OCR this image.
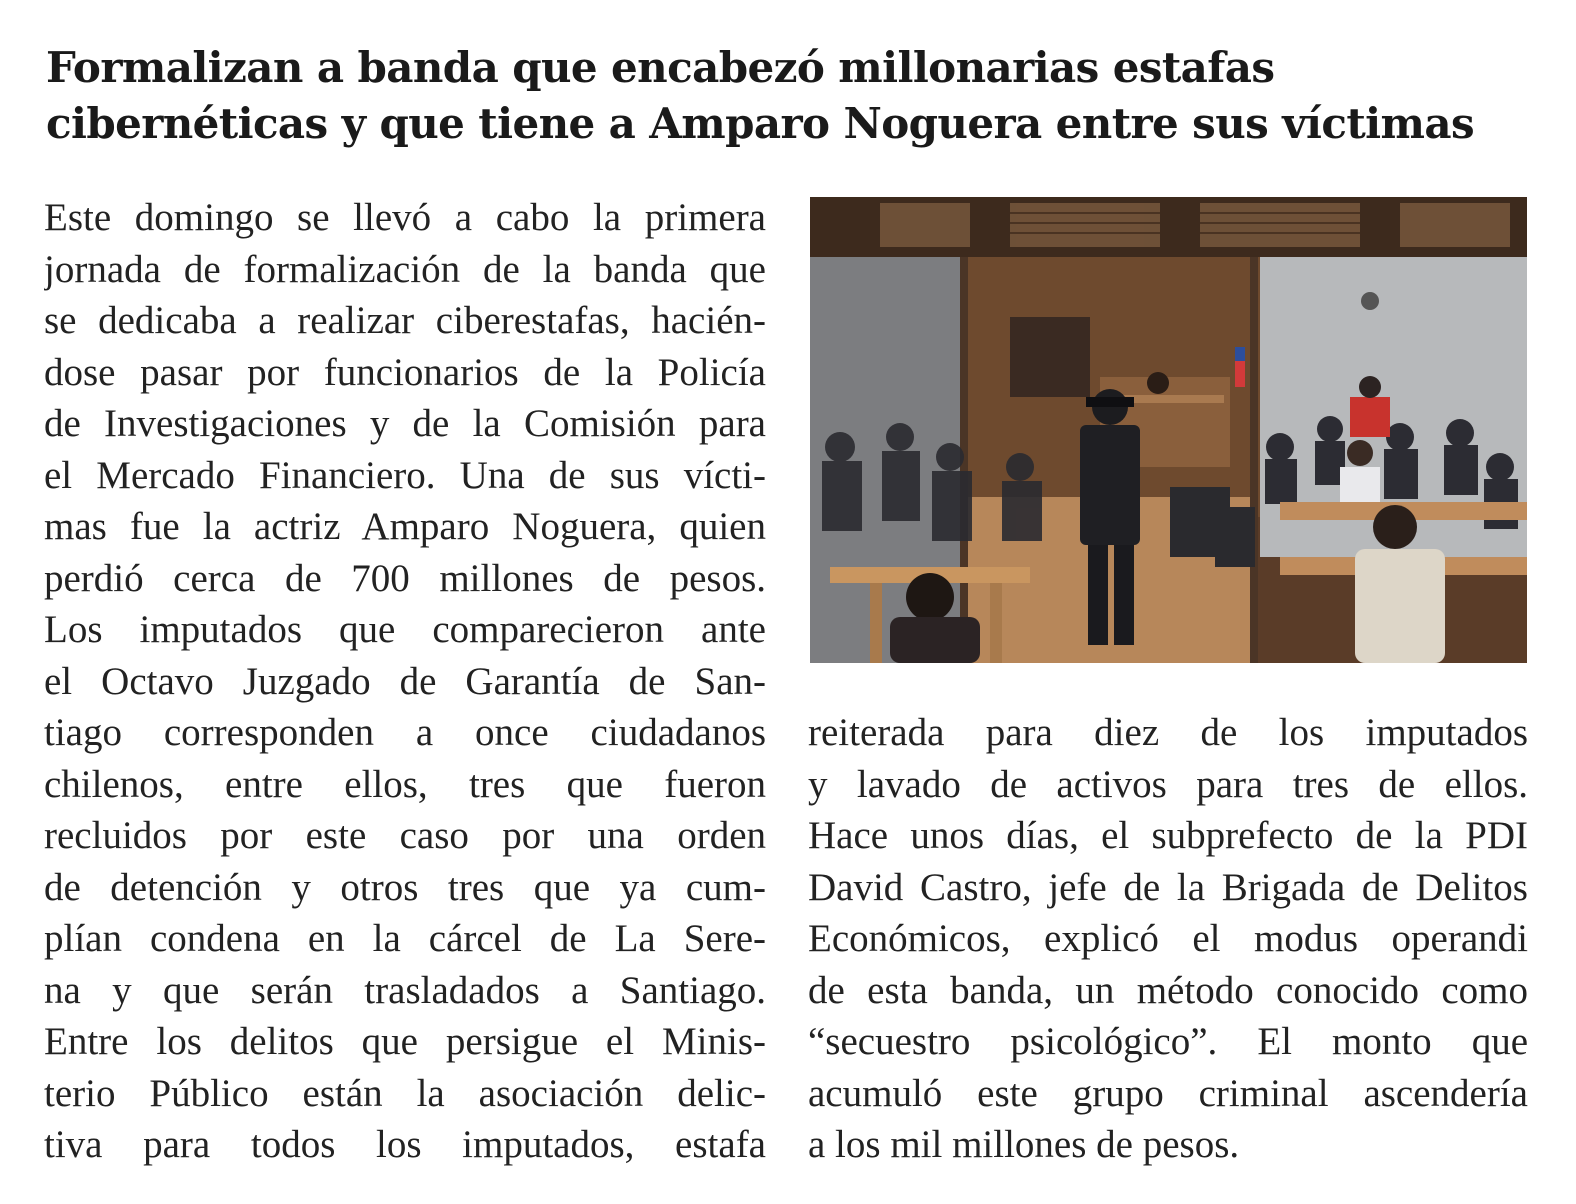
Formalizan a banda que encabezó millonarias estafas
cibernéticas y que tiene a Amparo Noguera entre sus víctimas
Este domingo se llevó a cabo la primera
jornada de formalización de la banda que
se dedicaba a realizar ciberestafas, hacién-
dose pasar por funcionarios de la Policía
de Investigaciones y de la Comisión para
el Mercado Financiero. Una de sus vícti-
mas fue la actriz Amparo Noguera, quien
perdió cerca de 700 millones de pesos.
Los imputados que comparecieron ante
el Octavo Juzgado de Garantía de San-
tiago corresponden a once ciudadanos
chilenos, entre ellos, tres que fueron
recluidos por este caso por una orden
de detención y otros tres que ya cum-
plían condena en la cárcel de La Sere-
na y que serán trasladados a Santiago.
Entre los delitos que persigue el Minis-
terio Público están la asociación delic-
tiva para todos los imputados, estafa
reiterada para diez de los imputados
y lavado de activos para tres de ellos.
Hace unos días, el subprefecto de la PDI
David Castro, jefe de la Brigada de Delitos
Económicos, explicó el modus operandi
de esta banda, un método conocido como
“secuestro psicológico”. El monto que
acumuló este grupo criminal ascendería
a los mil millones de pesos.
